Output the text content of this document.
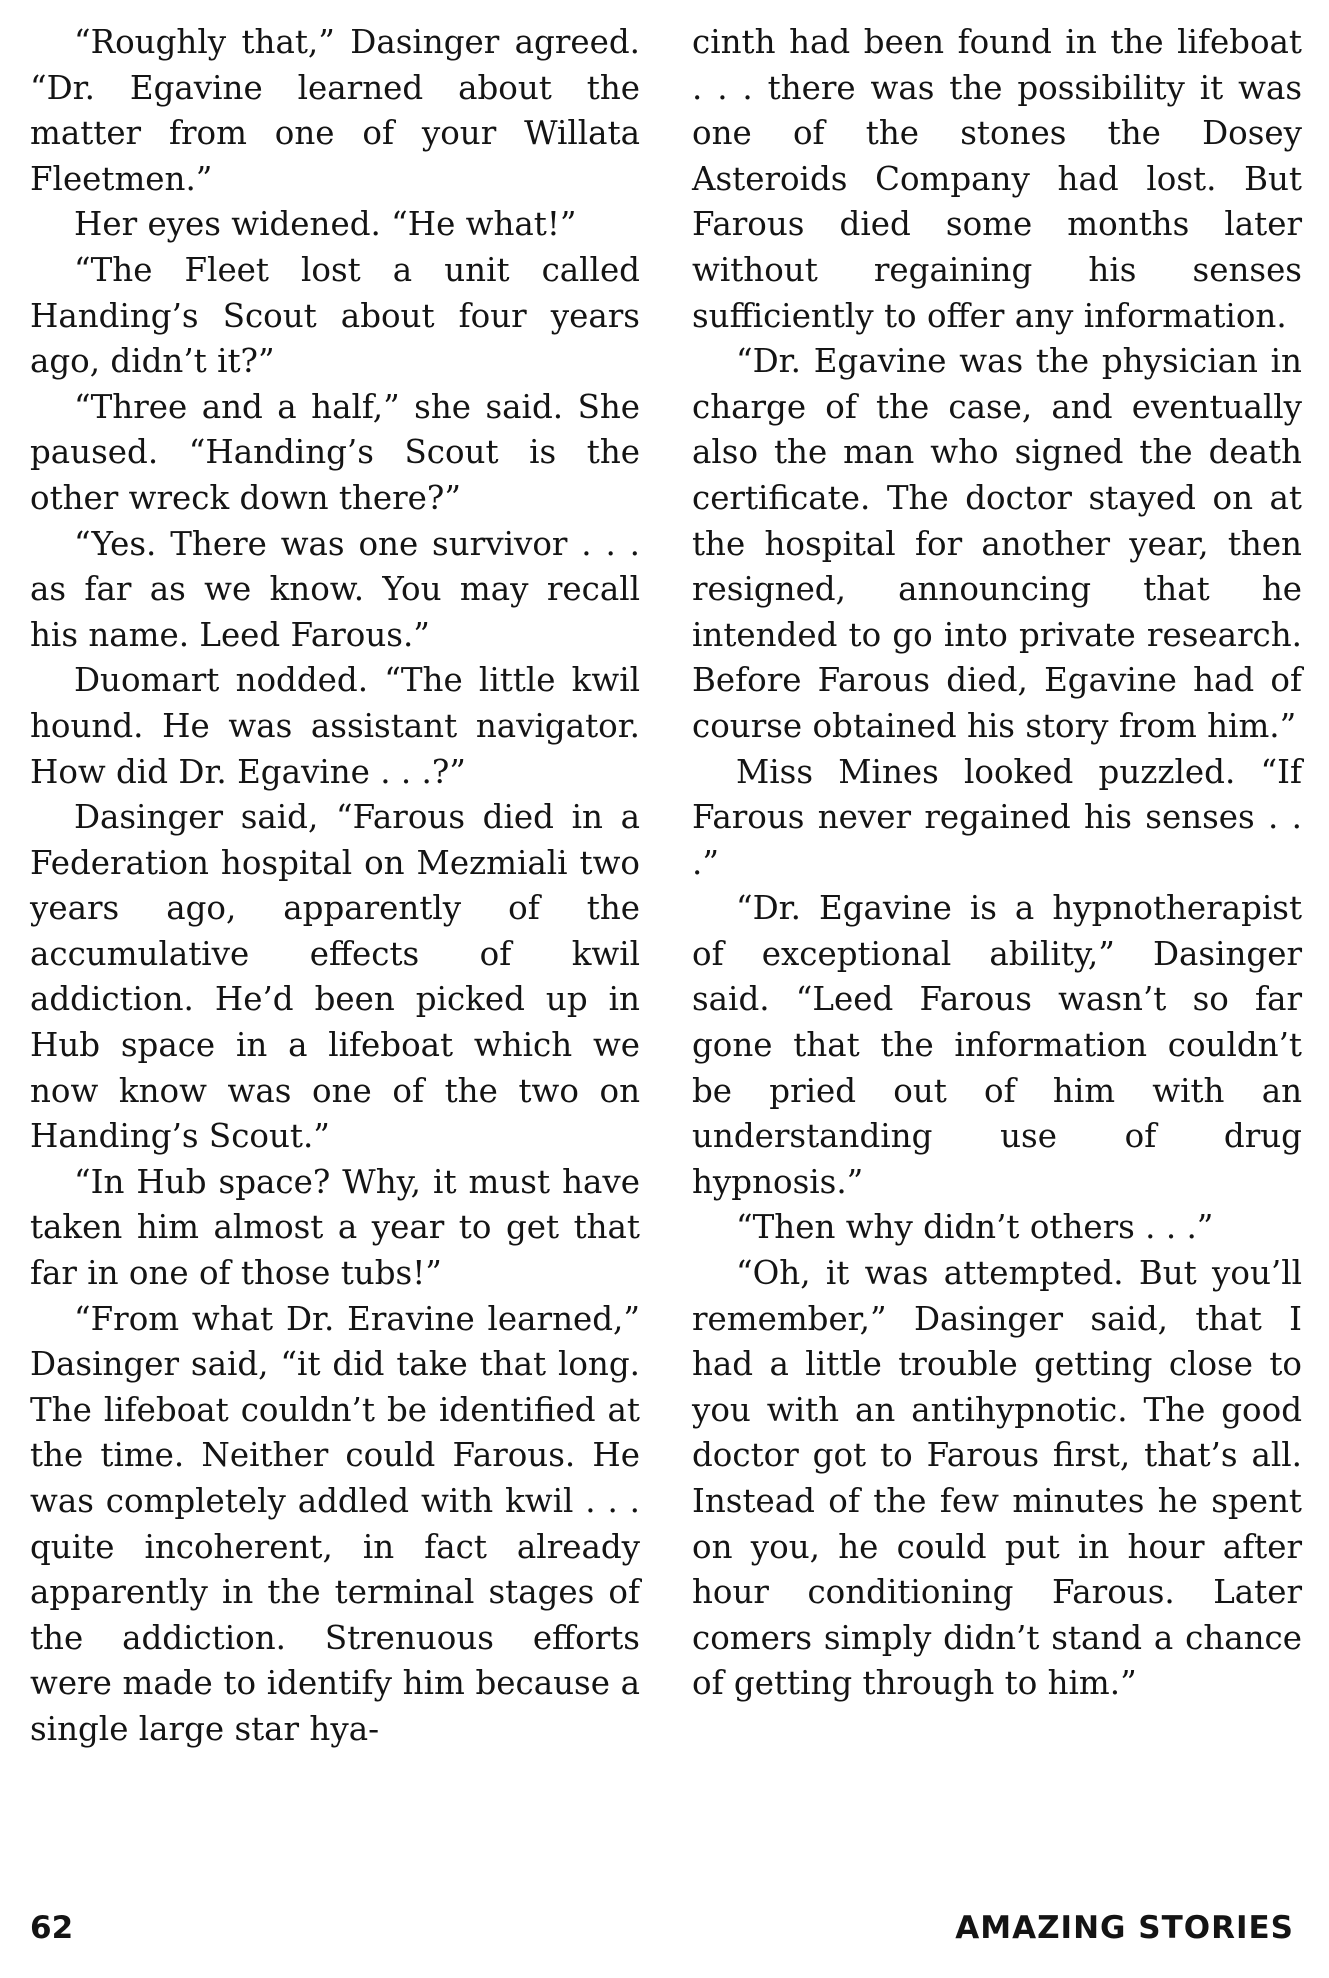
“Roughly that,” Dasinger agreed. “Dr. Egavine learned about the matter from one of your Willata Fleetmen.”

Her eyes widened. “He what!”

“The Fleet lost a unit called Handing’s Scout about four years ago, didn’t it?”

“Three and a half,” she said. She paused. “Handing’s Scout is the other wreck down there?”

“Yes. There was one survivor . . . as far as we know. You may recall his name. Leed Farous.”

Duomart nodded. “The little kwil hound. He was assistant navigator. How did Dr. Egavine . . .?”

Dasinger said, “Farous died in a Federation hospital on Mezmiali two years ago, apparently of the accumulative effects of kwil addiction. He’d been picked up in Hub space in a lifeboat which we now know was one of the two on Handing’s Scout.”

“In Hub space? Why, it must have taken him almost a year to get that far in one of those tubs!”

“From what Dr. Eravine learned,” Dasinger said, “it did take that long. The lifeboat couldn’t be identified at the time. Neither could Farous. He was completely addled with kwil . . . quite incoherent, in fact already apparently in the terminal stages of the addiction. Strenuous efforts were made to identify him because a single large star hya-

cinth had been found in the lifeboat . . . there was the possibility it was one of the stones the Dosey Asteroids Company had lost. But Farous died some months later without regaining his senses sufficiently to offer any information.

“Dr. Egavine was the physician in charge of the case, and eventually also the man who signed the death certificate. The doctor stayed on at the hospital for another year, then resigned, announcing that he intended to go into private research. Before Farous died, Egavine had of course obtained his story from him.”

Miss Mines looked puzzled. “If Farous never regained his senses . . .”

“Dr. Egavine is a hypnotherapist of exceptional ability,” Dasinger said. “Leed Farous wasn’t so far gone that the information couldn’t be pried out of him with an understanding use of drug hypnosis.”

“Then why didn’t others . . .”

“Oh, it was attempted. But you’ll remember,” Dasinger said, that I had a little trouble getting close to you with an antihypnotic. The good doctor got to Farous first, that’s all. Instead of the few minutes he spent on you, he could put in hour after hour conditioning Farous. Later comers simply didn’t stand a chance of getting through to him.”

62	AMAZING STORIES
